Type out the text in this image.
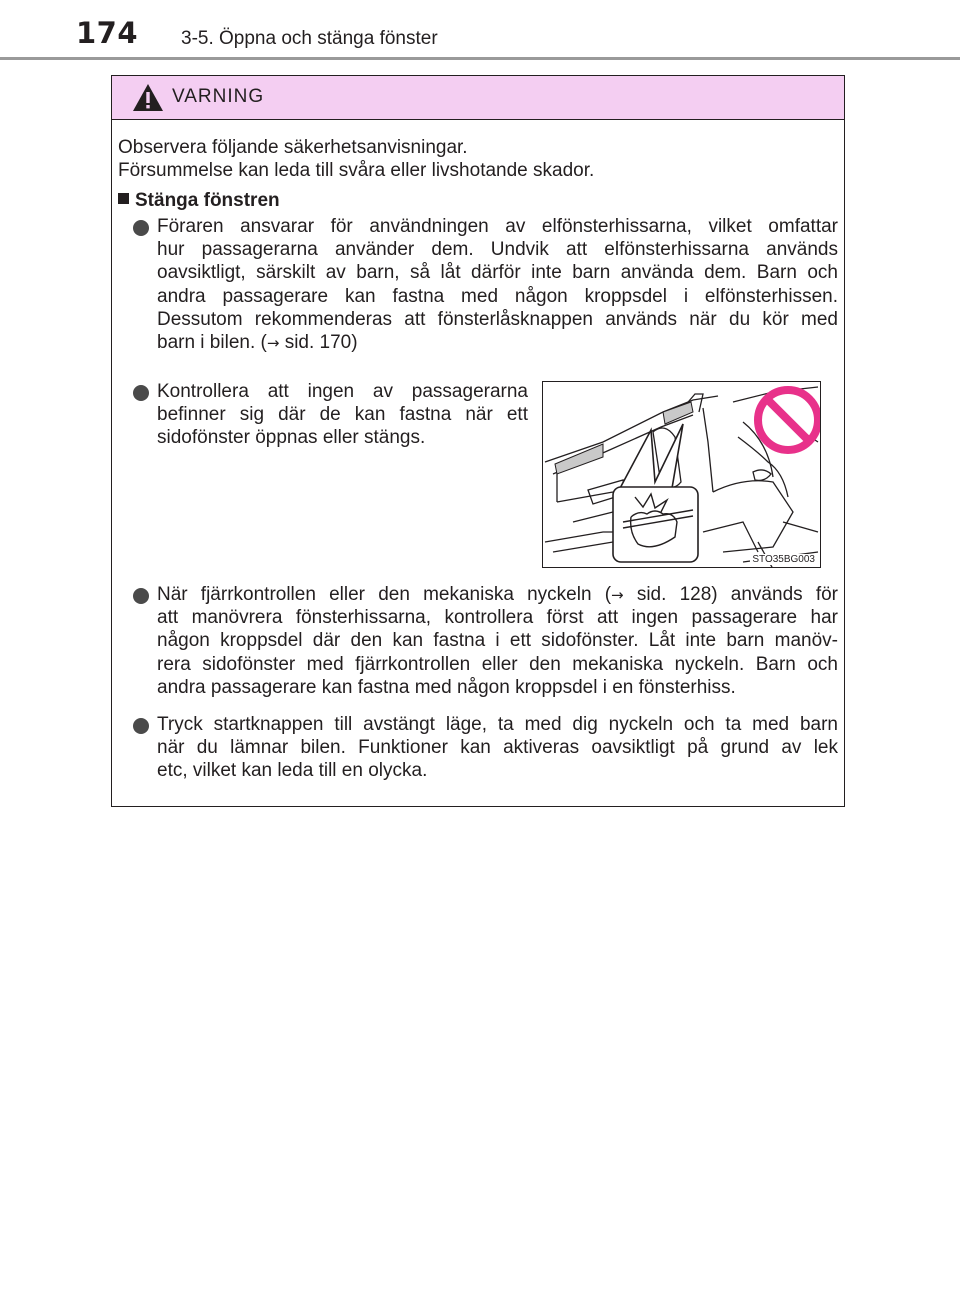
174 3-5. Öppna och stänga fönster
VARNING

Observera följande säkerhetsanvisningar.
Försummelse kan leda till svåra eller livshotande skador.

Stänga fönstren
Föraren ansvarar för användningen av elfönsterhissarna, vilket omfattar
hur passagerarna använder dem. Undvik att elfönsterhissarna används
oavsiktligt, särskilt av barn, så låt därför inte barn använda dem. Barn och
andra passagerare kan fastna med någon kroppsdel i elfönsterhissen.
Dessutom rekommenderas att fönsterlåsknappen används när du kör med
barn i bilen. (→ sid. 170)
Kontrollera att ingen av passagerarna
befinner sig där de kan fastna när ett
sidofönster öppnas eller stängs.
STO35BG003
När fjärrkontrollen eller den mekaniska nyckeln (→ sid. 128) används för
att manövrera fönsterhissarna, kontrollera först att ingen passagerare har
någon kroppsdel där den kan fastna i ett sidofönster. Låt inte barn manöv-
rera sidofönster med fjärrkontrollen eller den mekaniska nyckeln. Barn och
andra passagerare kan fastna med någon kroppsdel i en fönsterhiss.
Tryck startknappen till avstängt läge, ta med dig nyckeln och ta med barn
när du lämnar bilen. Funktioner kan aktiveras oavsiktligt på grund av lek
etc, vilket kan leda till en olycka.
